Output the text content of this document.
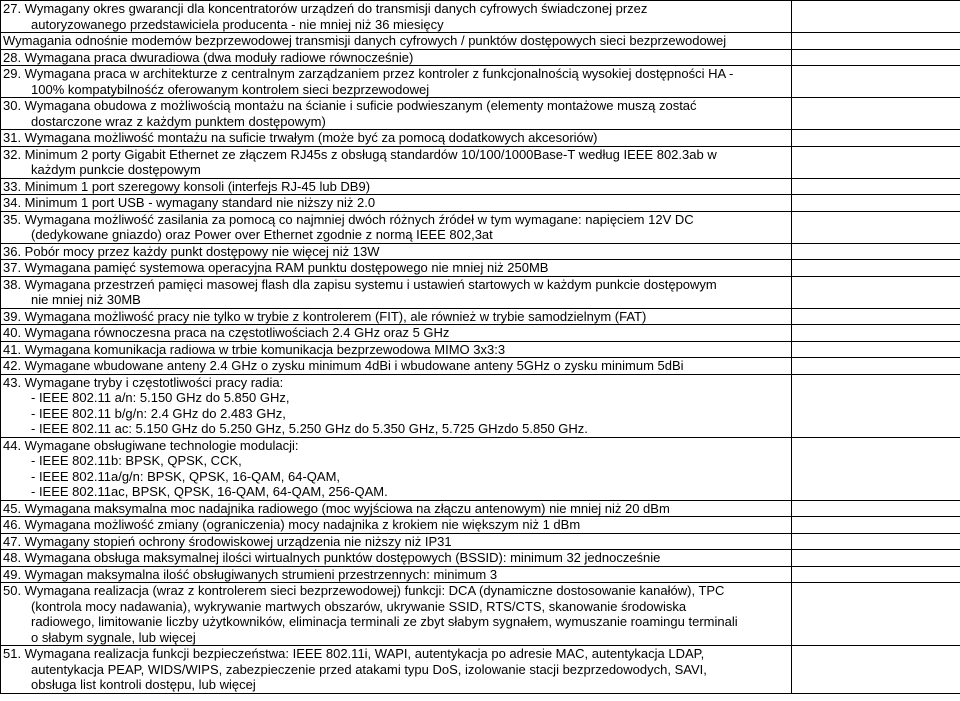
27. Wymagany okres gwarancji dla koncentratorów urządzeń do transmisji danych cyfrowych świadczonej przez
autoryzowanego przedstawiciela producenta - nie mniej niż 36 miesięcy	

Wymagania odnośnie modemów bezprzewodowej transmisji danych cyfrowych / punktów dostępowych sieci bezprzewodowej	

28. Wymagana praca dwuradiowa (dwa moduły radiowe równocześnie)	

29. Wymagana praca w architekturze z centralnym zarządzaniem przez kontroler z funkcjonalnością wysokiej dostępności HA -
100% kompatybilnośćz oferowanym kontrolem sieci bezprzewodowej	

30. Wymagana obudowa z możliwością montażu na ścianie i suficie podwieszanym (elementy montażowe muszą zostać
dostarczone wraz z każdym punktem dostępowym)	

31. Wymagana możliwość montażu na suficie trwałym (może być za pomocą dodatkowych akcesoriów)	

32. Minimum 2 porty Gigabit Ethernet ze złączem RJ45s z obsługą standardów 10/100/1000Base-T według IEEE 802.3ab w
każdym punkcie dostępowym	

33. Minimum 1 port szeregowy konsoli (interfejs RJ-45 lub DB9)	

34. Minimum 1 port USB - wymagany standard nie niższy niż 2.0	

35. Wymagana możliwość zasilania za pomocą co najmniej dwóch różnych źródeł w tym wymagane: napięciem 12V DC
(dedykowane gniazdo) oraz Power over Ethernet zgodnie z normą IEEE 802,3at	

36. Pobór mocy przez każdy punkt dostępowy nie więcej niż 13W	

37. Wymagana pamięć systemowa operacyjna RAM punktu dostępowego nie mniej niż 250MB	

38. Wymagana przestrzeń pamięci masowej flash dla zapisu systemu i ustawień startowych w każdym punkcie dostępowym
nie mniej niż 30MB	

39. Wymagana możliwość pracy nie tylko w trybie z kontrolerem (FIT), ale również w trybie samodzielnym (FAT)	

40. Wymagana równoczesna praca na częstotliwościach 2.4 GHz oraz 5 GHz	

41. Wymagana komunikacja radiowa w trbie komunikacja bezprzewodowa MIMO 3x3:3	

42. Wymagane wbudowane anteny 2.4 GHz o zysku minimum 4dBi i wbudowane anteny 5GHz o zysku minimum 5dBi	

43. Wymagane tryby i częstotliwości pracy radia:
- IEEE 802.11 a/n: 5.150 GHz do 5.850 GHz,
- IEEE 802.11 b/g/n: 2.4 GHz do 2.483 GHz,
- IEEE 802.11 ac: 5.150 GHz do 5.250 GHz, 5.250 GHz do 5.350 GHz, 5.725 GHzdo 5.850 GHz.	

44. Wymagane obsługiwane technologie modulacji:
- IEEE 802.11b: BPSK, QPSK, CCK,
- IEEE 802.11a/g/n: BPSK, QPSK, 16-QAM, 64-QAM,
- IEEE 802.11ac, BPSK, QPSK, 16-QAM, 64-QAM, 256-QAM.	

45. Wymagana maksymalna moc nadajnika radiowego (moc wyjściowa na złączu antenowym) nie mniej niż 20 dBm	

46. Wymagana możliwość zmiany (ograniczenia) mocy nadajnika z krokiem nie większym niż 1 dBm	

47. Wymagany stopień ochrony środowiskowej urządzenia nie niższy niż IP31	

48. Wymagana obsługa maksymalnej ilości wirtualnych punktów dostępowych (BSSID): minimum 32 jednocześnie	

49. Wymagan maksymalna ilość obsługiwanych strumieni przestrzennych: minimum 3	

50. Wymagana realizacja (wraz z kontrolerem sieci bezprzewodowej) funkcji: DCA (dynamiczne dostosowanie kanałów), TPC
(kontrola mocy nadawania), wykrywanie martwych obszarów, ukrywanie SSID, RTS/CTS, skanowanie środowiska
radiowego, limitowanie liczby użytkowników, eliminacja terminali ze zbyt słabym sygnałem, wymuszanie roamingu terminali
o słabym sygnale, lub więcej	

51. Wymagana realizacja funkcji bezpieczeństwa: IEEE 802.11i, WAPI, autentykacja po adresie MAC, autentykacja LDAP,
autentykacja PEAP, WIDS/WIPS, zabezpieczenie przed atakami typu DoS, izolowanie stacji bezprzedowodych, SAVI,
obsługa list kontroli dostępu, lub więcej	
